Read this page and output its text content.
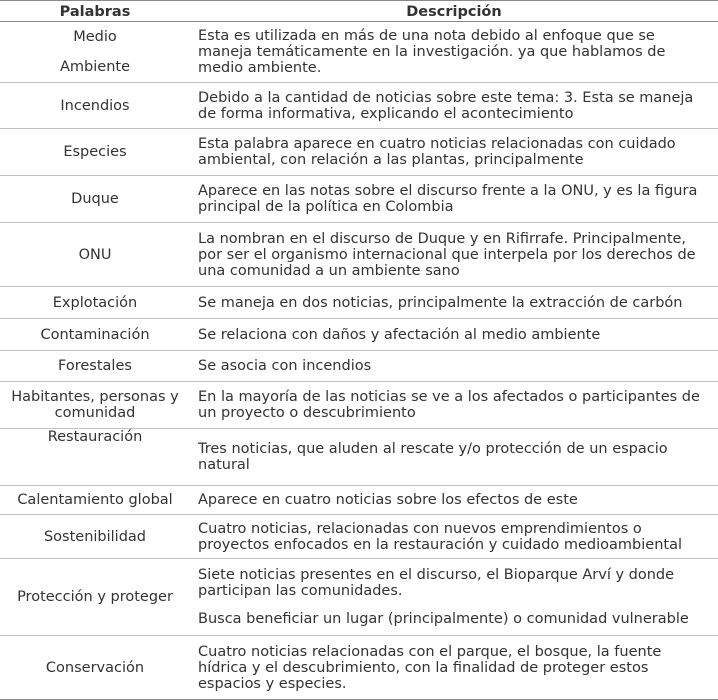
Palabras	Descripción

Medio
Ambiente	Esta es utilizada en más de una nota debido al enfoque que se maneja temáticamente en la investigación. ya que hablamos de medio ambiente.
Incendios	Debido a la cantidad de noticias sobre este tema: 3. Esta se maneja de forma informativa, explicando el acontecimiento
Especies	Esta palabra aparece en cuatro noticias relacionadas con cuidado ambiental, con relación a las plantas, principalmente
Duque	Aparece en las notas sobre el discurso frente a la ONU, y es la figura principal de la política en Colombia
ONU	La nombran en el discurso de Duque y en Rifirrafe. Principalmente, por ser el organismo internacional que interpela por los derechos de una comunidad a un ambiente sano
Explotación	Se maneja en dos noticias, principalmente la extracción de carbón
Contaminación	Se relaciona con daños y afectación al medio ambiente
Forestales	Se asocia con incendios
Habitantes, personas y comunidad	En la mayoría de las noticias se ve a los afectados o participantes de un proyecto o descubrimiento
Restauración	Tres noticias, que aluden al rescate y/o protección de un espacio natural
Calentamiento global	Aparece en cuatro noticias sobre los efectos de este
Sostenibilidad	Cuatro noticias, relacionadas con nuevos emprendimientos o proyectos enfocados en la restauración y cuidado medioambiental
Protección y proteger	Siete noticias presentes en el discurso, el Bioparque Arví y donde participan las comunidades.

Busca beneficiar un lugar (principalmente) o comunidad vulnerable

Conservación	Cuatro noticias relacionadas con el parque, el bosque, la fuente hídrica y el descubrimiento, con la finalidad de proteger estos espacios y especies.
